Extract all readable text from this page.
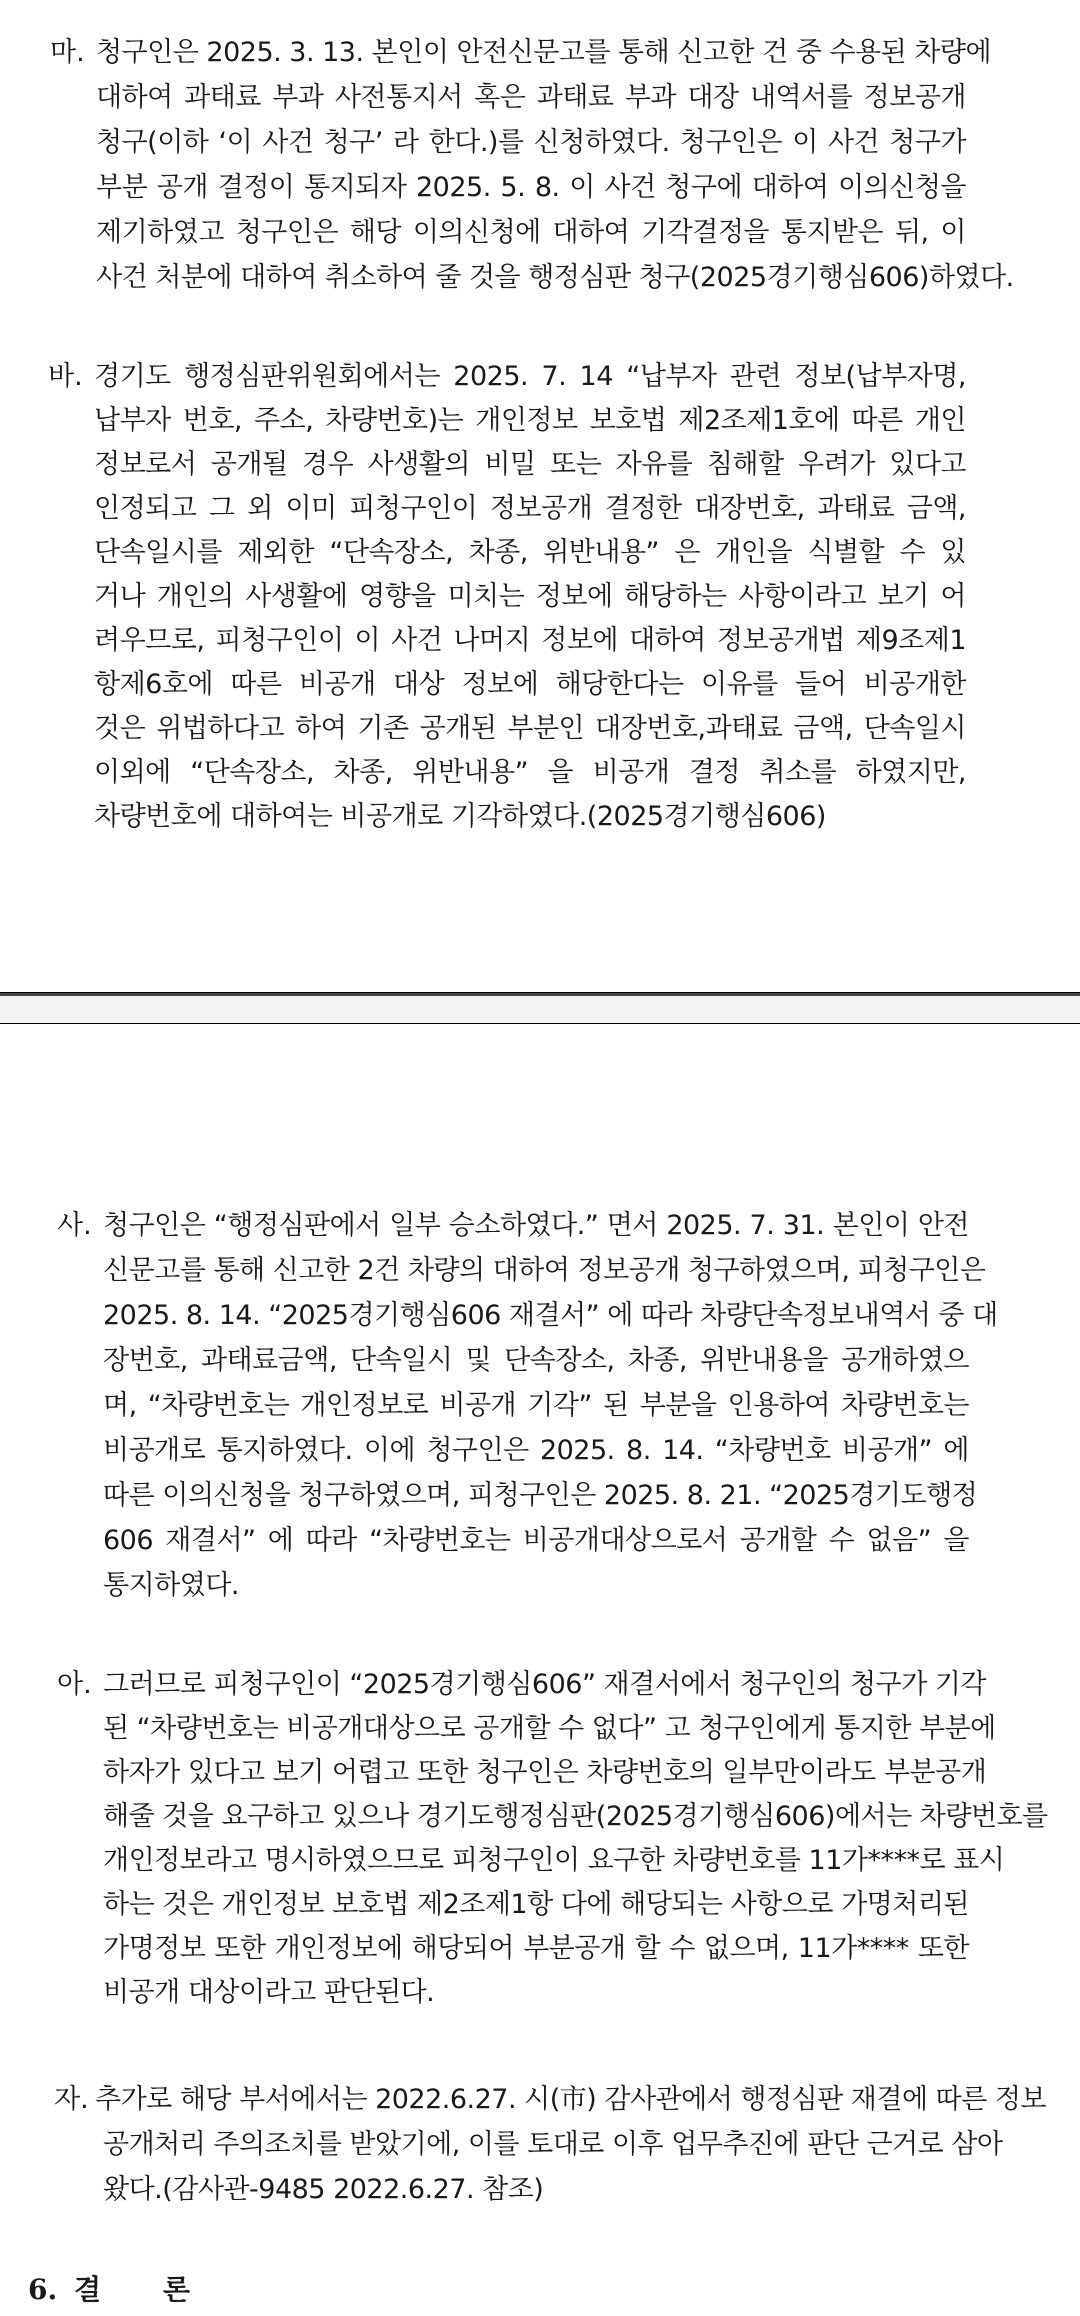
마. 청구인은 2025. 3. 13. 본인이 안전신문고를 통해 신고한 건 중 수용된 차량에
대하여 과태료 부과 사전통지서 혹은 과태료 부과 대장 내역서를 정보공개
청구(이하 ‘이 사건 청구’ 라 한다.)를 신청하였다. 청구인은 이 사건 청구가
부분 공개 결정이 통지되자 2025. 5. 8. 이 사건 청구에 대하여 이의신청을
제기하였고 청구인은 해당 이의신청에 대하여 기각결정을 통지받은 뒤, 이
사건 처분에 대하여 취소하여 줄 것을 행정심판 청구(2025경기행심606)하였다.
바. 경기도 행정심판위원회에서는 2025. 7. 14 “납부자 관련 정보(납부자명,
납부자 번호, 주소, 차량번호)는 개인정보 보호법 제2조제1호에 따른 개인
정보로서 공개될 경우 사생활의 비밀 또는 자유를 침해할 우려가 있다고
인정되고 그 외 이미 피청구인이 정보공개 결정한 대장번호, 과태료 금액,
단속일시를 제외한 “단속장소, 차종, 위반내용” 은 개인을 식별할 수 있
거나 개인의 사생활에 영향을 미치는 정보에 해당하는 사항이라고 보기 어
려우므로, 피청구인이 이 사건 나머지 정보에 대하여 정보공개법 제9조제1
항제6호에 따른 비공개 대상 정보에 해당한다는 이유를 들어 비공개한
것은 위법하다고 하여 기존 공개된 부분인 대장번호,과태료 금액, 단속일시
이외에 “단속장소, 차종, 위반내용” 을 비공개 결정 취소를 하였지만,
차량번호에 대하여는 비공개로 기각하였다.(2025경기행심606)
사. 청구인은 “행정심판에서 일부 승소하였다.” 면서 2025. 7. 31. 본인이 안전
신문고를 통해 신고한 2건 차량의 대하여 정보공개 청구하였으며, 피청구인은
2025. 8. 14. “2025경기행심606 재결서” 에 따라 차량단속정보내역서 중 대
장번호, 과태료금액, 단속일시 및 단속장소, 차종, 위반내용을 공개하였으
며, “차량번호는 개인정보로 비공개 기각” 된 부분을 인용하여 차량번호는
비공개로 통지하였다. 이에 청구인은 2025. 8. 14. “차량번호 비공개” 에
따른 이의신청을 청구하였으며, 피청구인은 2025. 8. 21. “2025경기도행정
606 재결서” 에 따라 “차량번호는 비공개대상으로서 공개할 수 없음” 을
통지하였다.
아. 그러므로 피청구인이 “2025경기행심606” 재결서에서 청구인의 청구가 기각
된 “차량번호는 비공개대상으로 공개할 수 없다” 고 청구인에게 통지한 부분에
하자가 있다고 보기 어렵고 또한 청구인은 차량번호의 일부만이라도 부분공개
해줄 것을 요구하고 있으나 경기도행정심판(2025경기행심606)에서는 차량번호를
개인정보라고 명시하였으므로 피청구인이 요구한 차량번호를 11가****로 표시
하는 것은 개인정보 보호법 제2조제1항 다에 해당되는 사항으로 가명처리된
가명정보 또한 개인정보에 해당되어 부분공개 할 수 없으며, 11가**** 또한
비공개 대상이라고 판단된다.
자. 추가로 해당 부서에서는 2022.6.27. 시(市) 감사관에서 행정심판 재결에 따른 정보
공개처리 주의조치를 받았기에, 이를 토대로 이후 업무추진에 판단 근거로 삼아
왔다.(감사관-9485 2022.6.27. 참조)
6. 결 론
